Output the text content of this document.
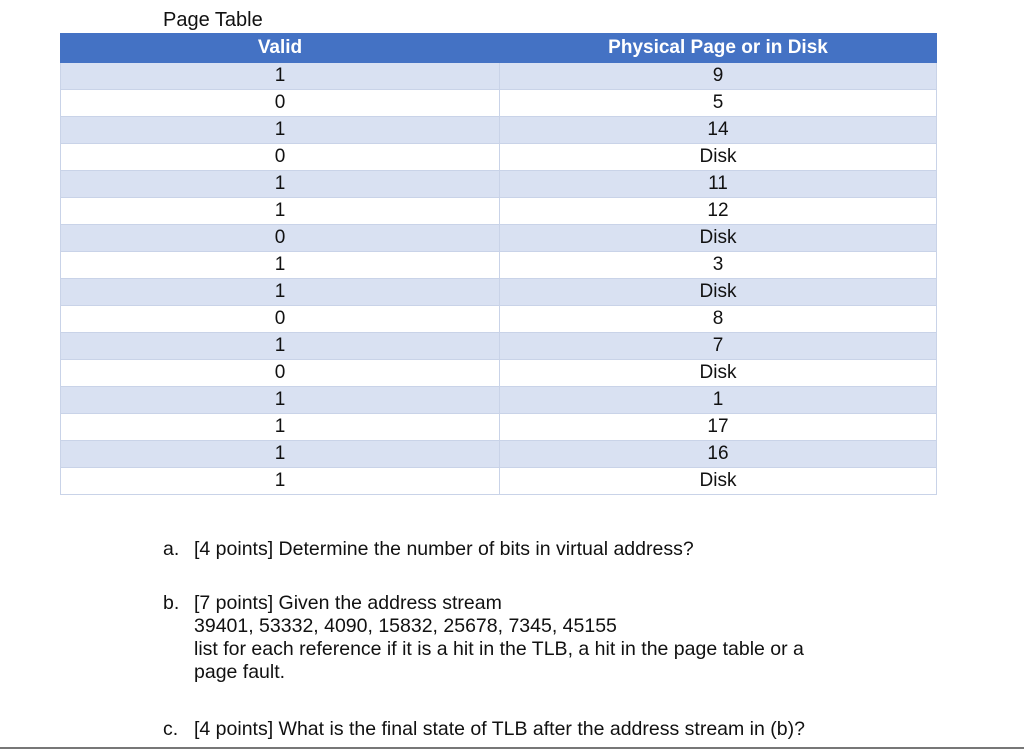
Page Table
Valid	Physical Page or in Disk
1	9
0	5
1	14
0	Disk
1	11
1	12
0	Disk
1	3
1	Disk
0	8
1	7
0	Disk
1	1
1	17
1	16
1	Disk
a. [4 points] Determine the number of bits in virtual address?
b. [7 points] Given the address stream
39401, 53332, 4090, 15832, 25678, 7345, 45155
list for each reference if it is a hit in the TLB, a hit in the page table or a
page fault.
c. [4 points] What is the final state of TLB after the address stream in (b)?
